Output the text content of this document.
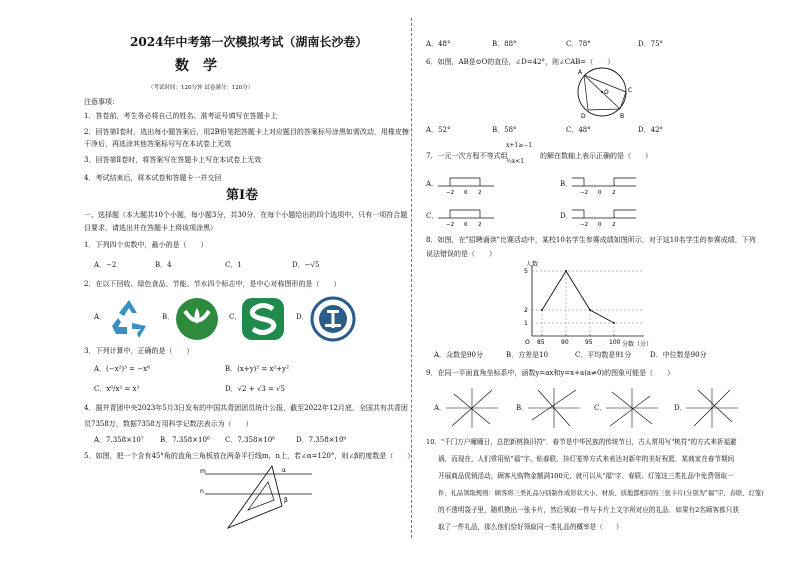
2024年中考第一次模拟考试（湖南长沙卷）
数学
（考试时间：120分钟 试卷满分：120分）
注意事项：
1．答卷前，考生务必将自己的姓名、准考证号填写在答题卡上
2．回答第Ⅰ卷时，选出每小题答案后，用2B铅笔把答题卡上对应题目的答案标号涂黑如需改动，用橡皮擦
干净后，再选涂其他答案标号写在本试卷上无效
3．回答第Ⅱ卷时，将答案写在答题卡上写在本试卷上无效
4．考试结束后，将本试卷和答题卡一并交回
第Ⅰ卷
一、选择题（本大题共10个小题，每小题3分，共30分．在每个小题给出的四个选项中，只有一项符合题
目要求，请选出并在答题卡上将该项涂黑）
1．下列四个实数中，最小的是（　　）
A．−2	B．4	C．1	D．−√5
2．在以下回收、绿色食品、节能、节水四个标志中，是中心对称图形的是（　　）
A．	B．	C．	D．
3．下列计算中，正确的是（　　）
A．(−x²)³ = −x⁶	B．(x+y)² = x²+y²
C．x⁶/x² = x³	D．√2 + √3 = √5
4．据井青团中央2023年5月3日发布的中国共青团团员统计公报，截至2022年12月底，全国共有共青团
员7358万，数据7358万用科学记数法表示为（　　）
A．7.358×10⁷ B．7.358×10⁶ C．7.358×10⁸	D．7.358×10⁹
5．如图，把一个含有45°角的直角三角板放在两条平行线m，n上，若∠α=120°，则∠β的度数是（　　）
m
n
α
β
A．48°	B．88°	C．78°	D．75°
6．如图，AB是⊙O的直径，∠D=42°，则∠CAB=（　　）
A
B
C
D
O
A．52°	B．58°	C．48°	D．42°
7．一元一次方程不等式组
x+1≥−1
½x<1
的解在数轴上表示正确的是（　　）
A．	B．
C．	D．
−2 0 2	−2 0 2
−2 0 2	−2 0 2
8．如图，在"招聘诵读"比赛活动中，某校10名学生参赛成绩如图所示，对于这10名学生的参赛成绩，下列
说法错误的是（　　）
人数
分数（分）
O
1
2
5
85	90	95	100
A．众数是90分	B．方差是10	C．平均数是91分	D．中位数是90分
9．在同一平面直角坐标系中，函数y=ax和y=x+a(a≠0)的图象可能是（　　）
A．	B．	C．	D．
10．"千门万户曈曈日，总把新桃换旧符"．春节是中华民族的传统节日，古人常用写"桃符"的方式来祈福避
祸，而现在，人们常用贴"福"字、贴春联、挂灯笼等方式来表达对新年的美好祝愿．某商家在春节期间
开展商品促销活动，顾客凡购物金额满100元，就可以从"福"字、春联、灯笼这三类礼品中免费领取一
件，礼品领取规则：顾客将三类礼品分别制作成形状大小、材质、质地都相同的三张卡片(分别为"福"字、春联、灯笼)
的不透明袋子里，随机摸出一张卡片，然后领取一件与卡片上文字所对应的礼品．如果有2名顾客都只获
取了一件礼品，那么他们恰好领取同一类礼品的概率是（　　）
